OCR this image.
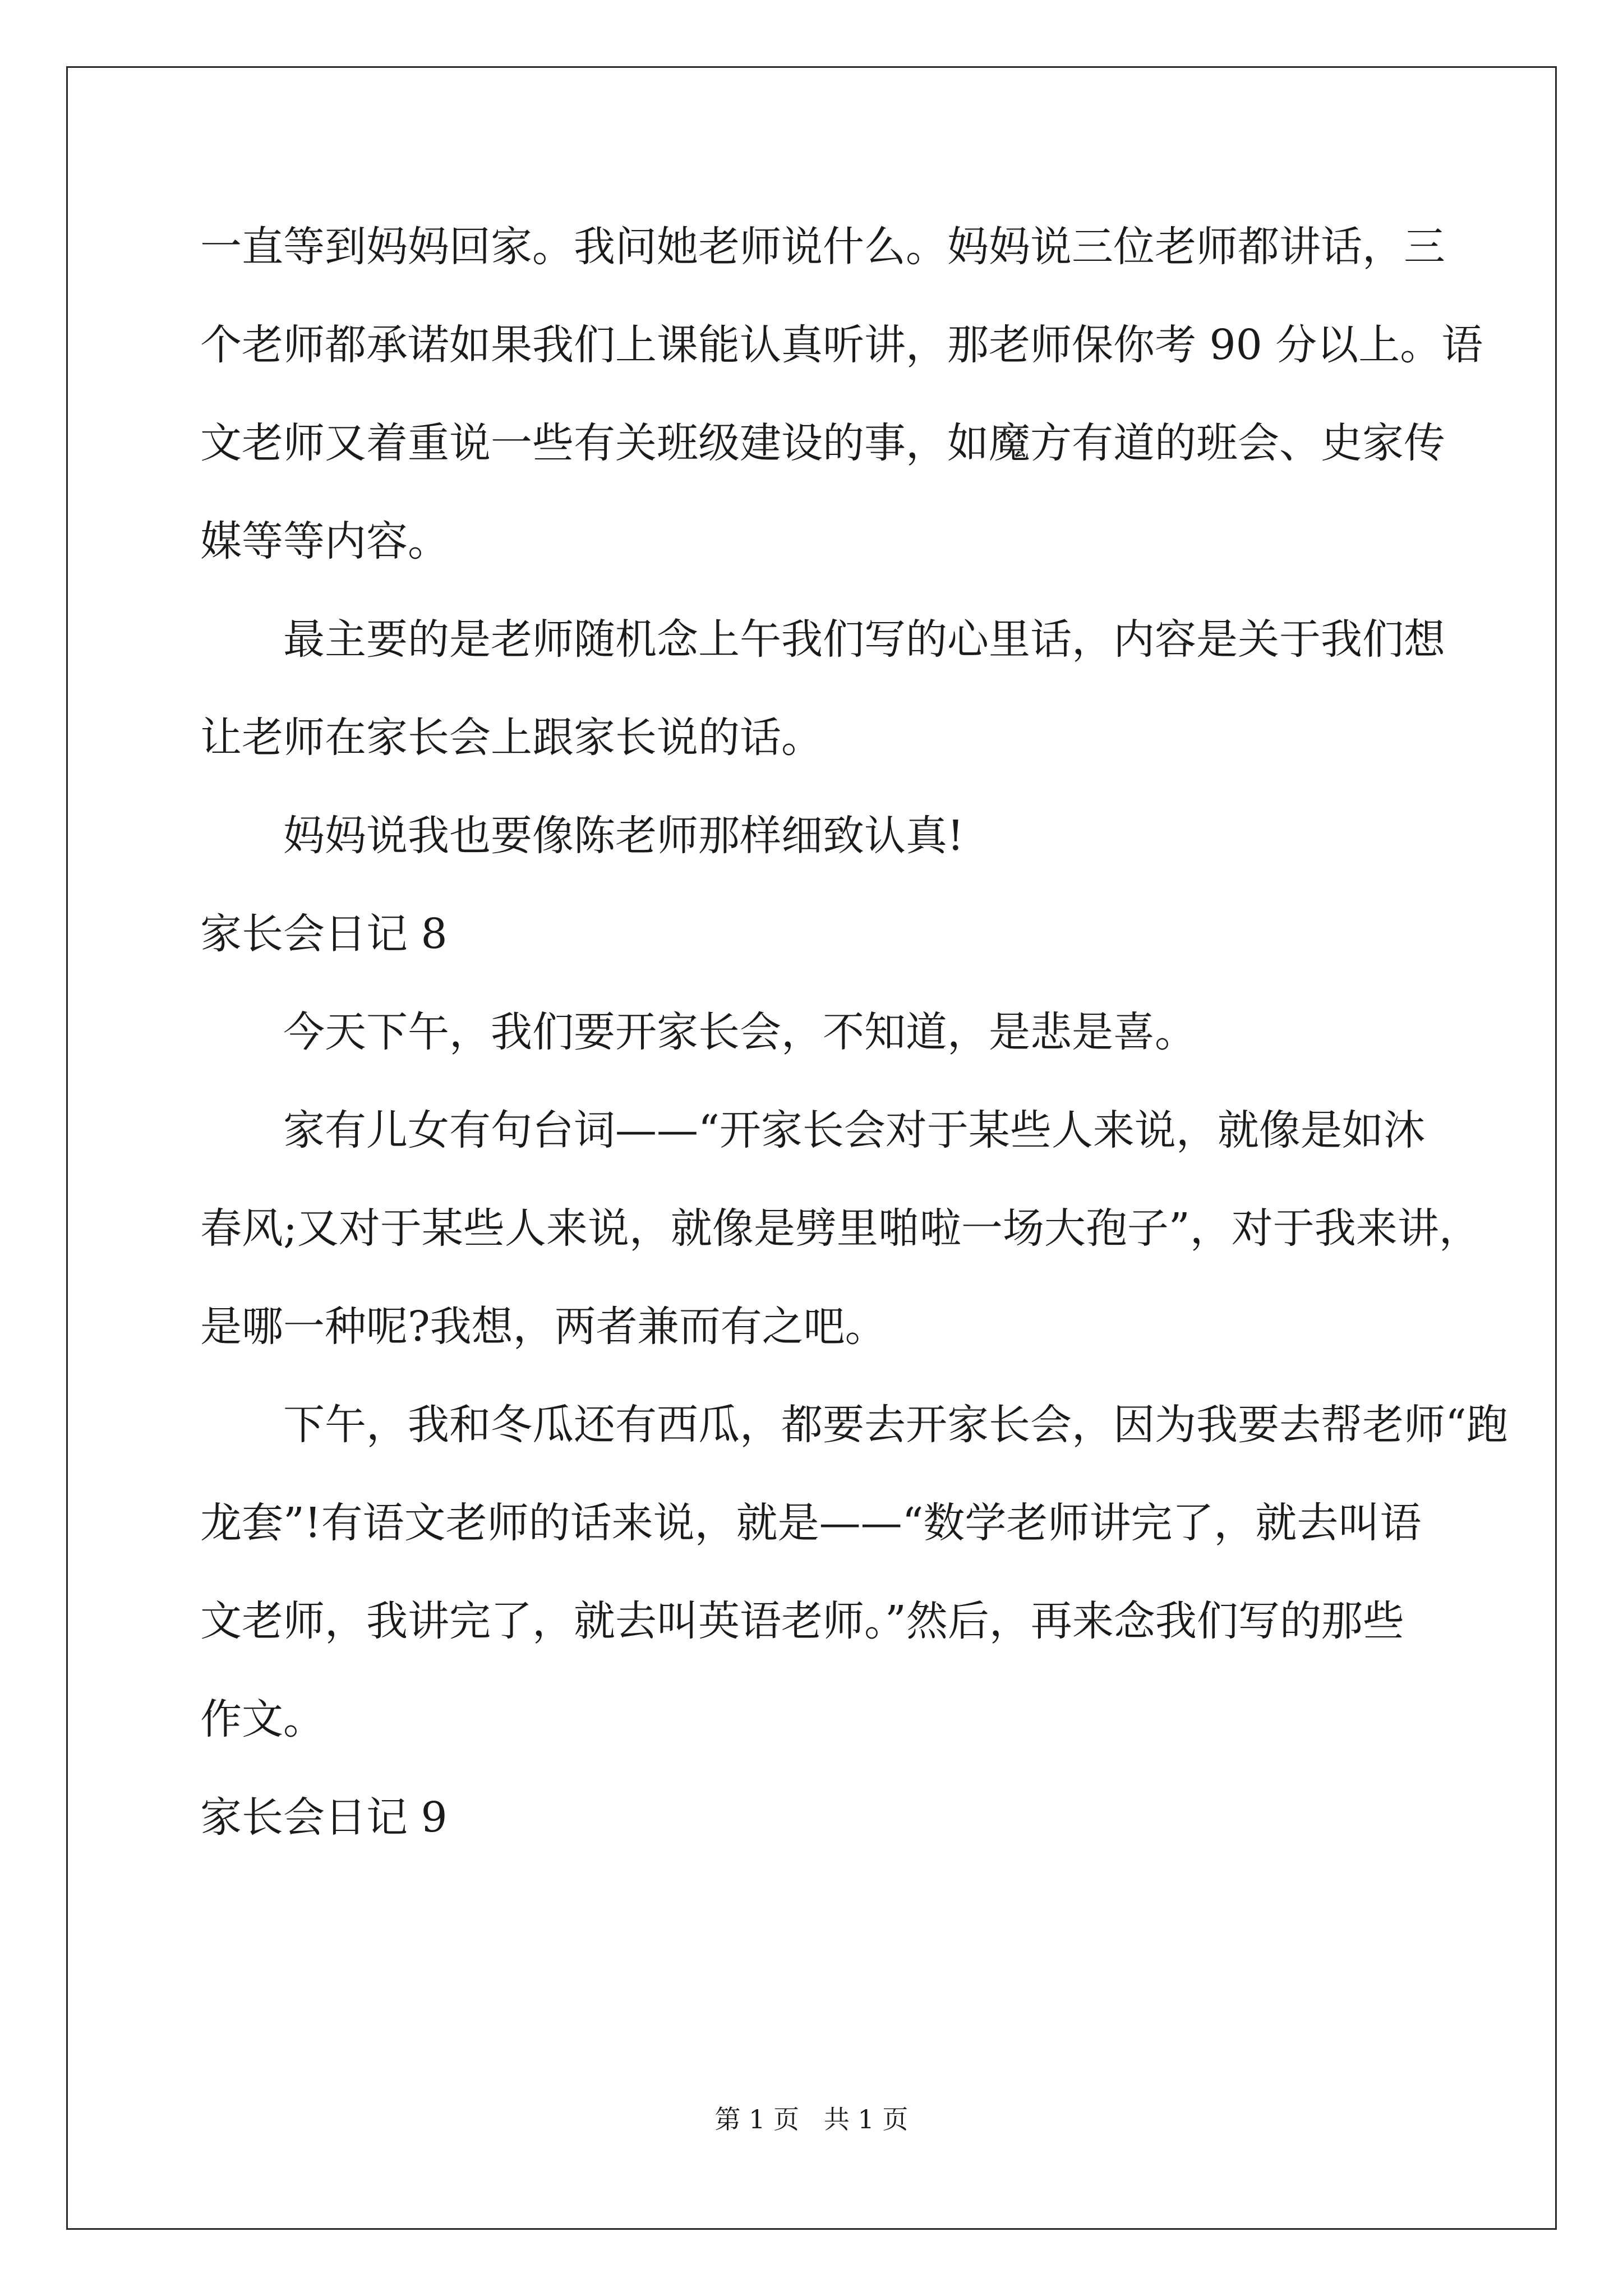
一直等到妈妈回家。我问她老师说什么。妈妈说三位老师都讲话，三
个老师都承诺如果我们上课能认真听讲，那老师保你考 90 分以上。语
文老师又着重说一些有关班级建设的事，如魔方有道的班会、史家传
媒等等内容。
最主要的是老师随机念上午我们写的心里话，内容是关于我们想
让老师在家长会上跟家长说的话。
妈妈说我也要像陈老师那样细致认真!
家长会日记 8
今天下午，我们要开家长会，不知道，是悲是喜。
家有儿女有句台词——“开家长会对于某些人来说，就像是如沐
春风;又对于某些人来说，就像是劈里啪啦一场大孢子”，对于我来讲，
是哪一种呢?我想，两者兼而有之吧。
下午，我和冬瓜还有西瓜，都要去开家长会，因为我要去帮老师“跑
龙套”!有语文老师的话来说，就是——“数学老师讲完了，就去叫语
文老师，我讲完了，就去叫英语老师。”然后，再来念我们写的那些
作文。
家长会日记 9
第 1 页   共 1 页
